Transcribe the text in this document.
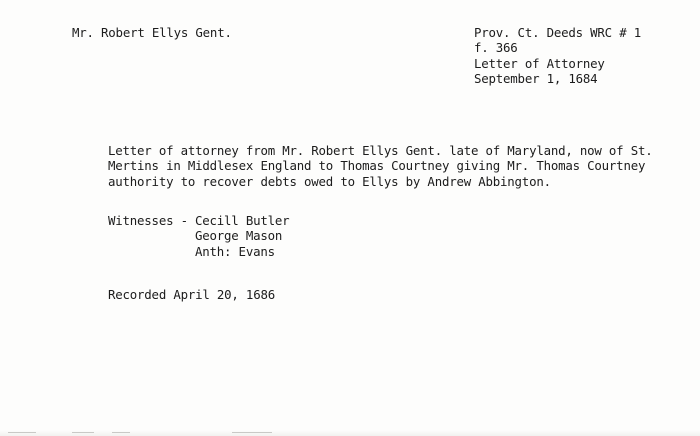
Mr. Robert Ellys Gent.	Prov. Ct. Deeds WRC # 1
f. 366
Letter of Attorney
September 1, 1684
Letter of attorney from Mr. Robert Ellys Gent. late of Maryland, now of St.
Mertins in Middlesex England to Thomas Courtney giving Mr. Thomas Courtney
authority to recover debts owed to Ellys by Andrew Abbington.
Witnesses - Cecill Butler
George Mason
Anth: Evans
Recorded April 20, 1686
